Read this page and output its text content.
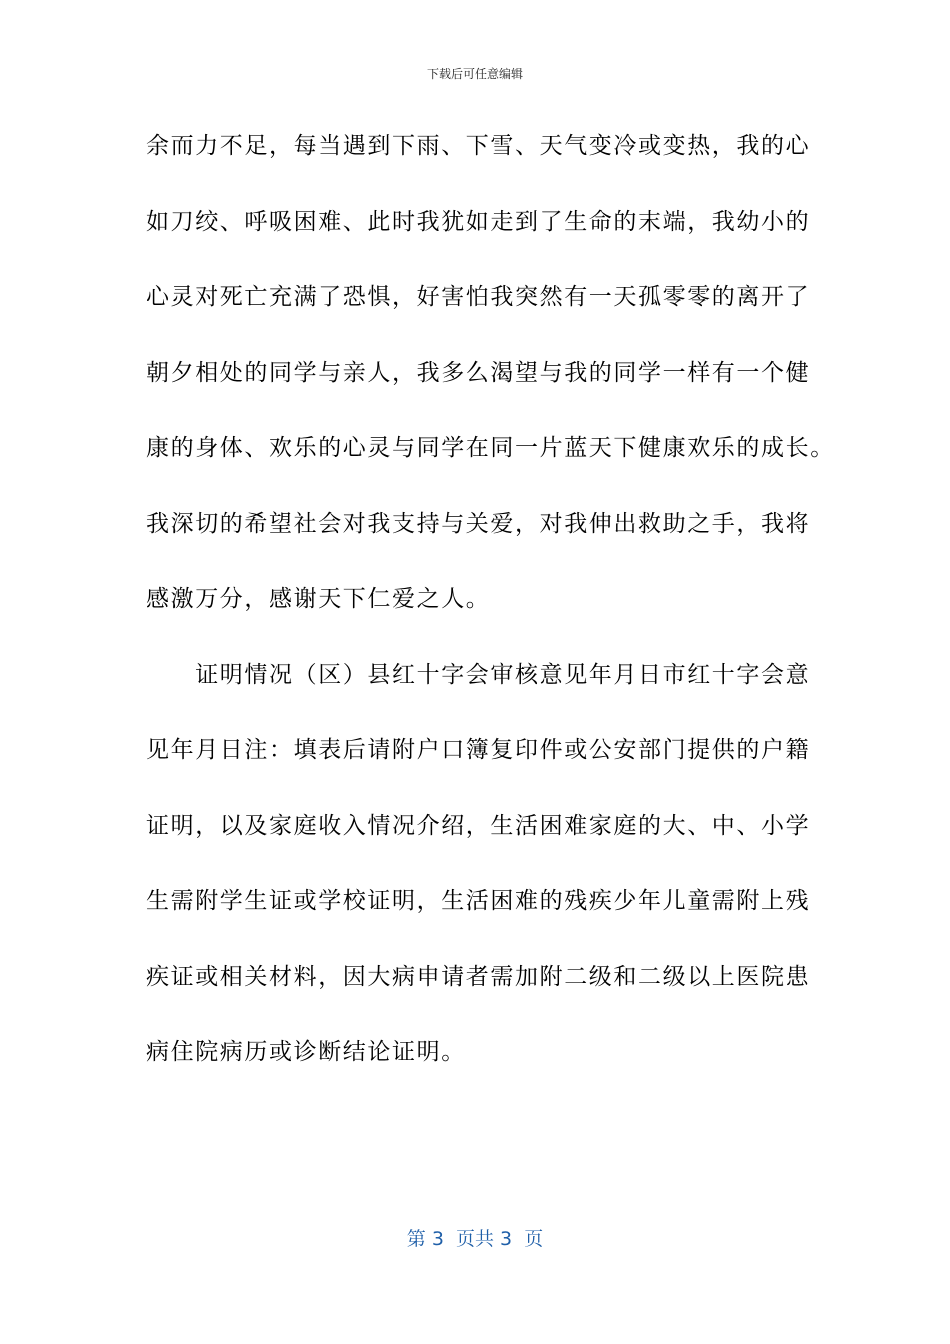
下载后可任意编辑
余而力不足，每当遇到下雨、下雪、天气变冷或变热，我的心
如刀绞、呼吸困难、此时我犹如走到了生命的末端，我幼小的
心灵对死亡充满了恐惧，好害怕我突然有一天孤零零的离开了
朝夕相处的同学与亲人，我多么渴望与我的同学一样有一个健
康的身体、欢乐的心灵与同学在同一片蓝天下健康欢乐的成长。
我深切的希望社会对我支持与关爱，对我伸出救助之手，我将
感激万分，感谢天下仁爱之人。
　　证明情况（区）县红十字会审核意见年月日市红十字会意
见年月日注：填表后请附户口簿复印件或公安部门提供的户籍
证明，以及家庭收入情况介绍，生活困难家庭的大、中、小学
生需附学生证或学校证明，生活困难的残疾少年儿童需附上残
疾证或相关材料，因大病申请者需加附二级和二级以上医院患
病住院病历或诊断结论证明。
第 3  页共 3  页
